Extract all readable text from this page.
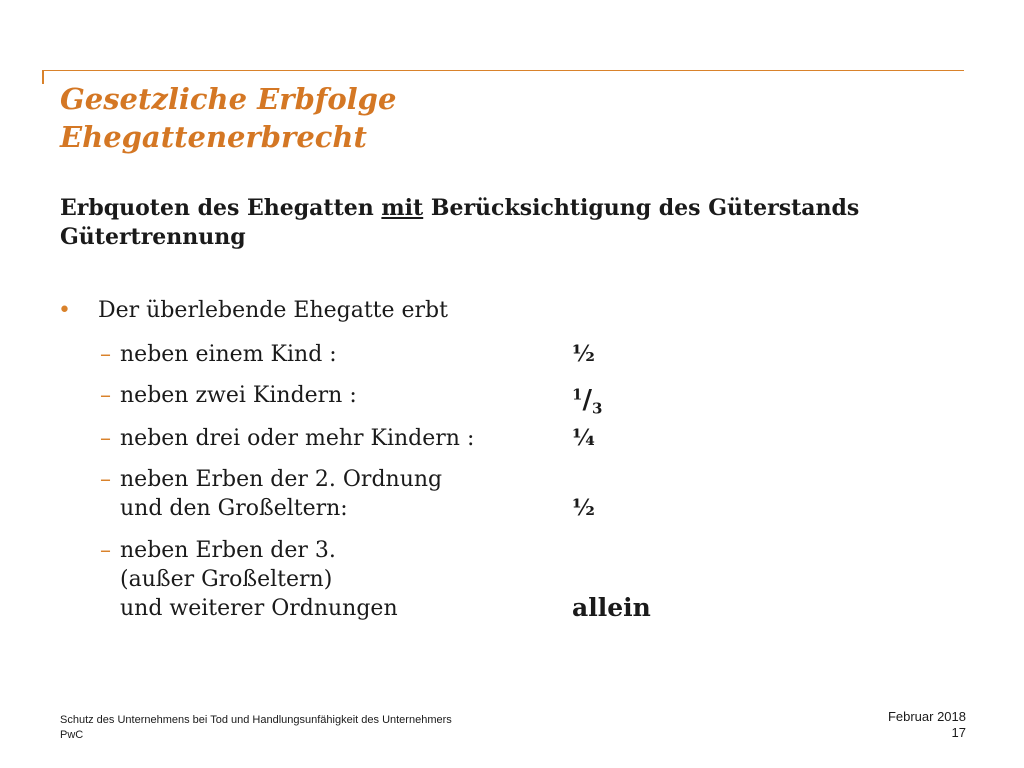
Gesetzliche Erbfolge
Ehegattenerbrecht
Erbquoten des Ehegatten mit Berücksichtigung des Güterstands
Gütertrennung
• Der überlebende Ehegatte erbt
– neben einem Kind :	½
– neben zwei Kindern :	$^1/_3$
– neben drei oder mehr Kindern :	¼
– neben Erben der 2. Ordnung
und den Großeltern:	½
– neben Erben der 3.
(außer Großeltern)
und weiterer Ordnungen	allein
Schutz des Unternehmens bei Tod und Handlungsunfähigkeit des Unternehmers
PwC
Februar 2018
17
